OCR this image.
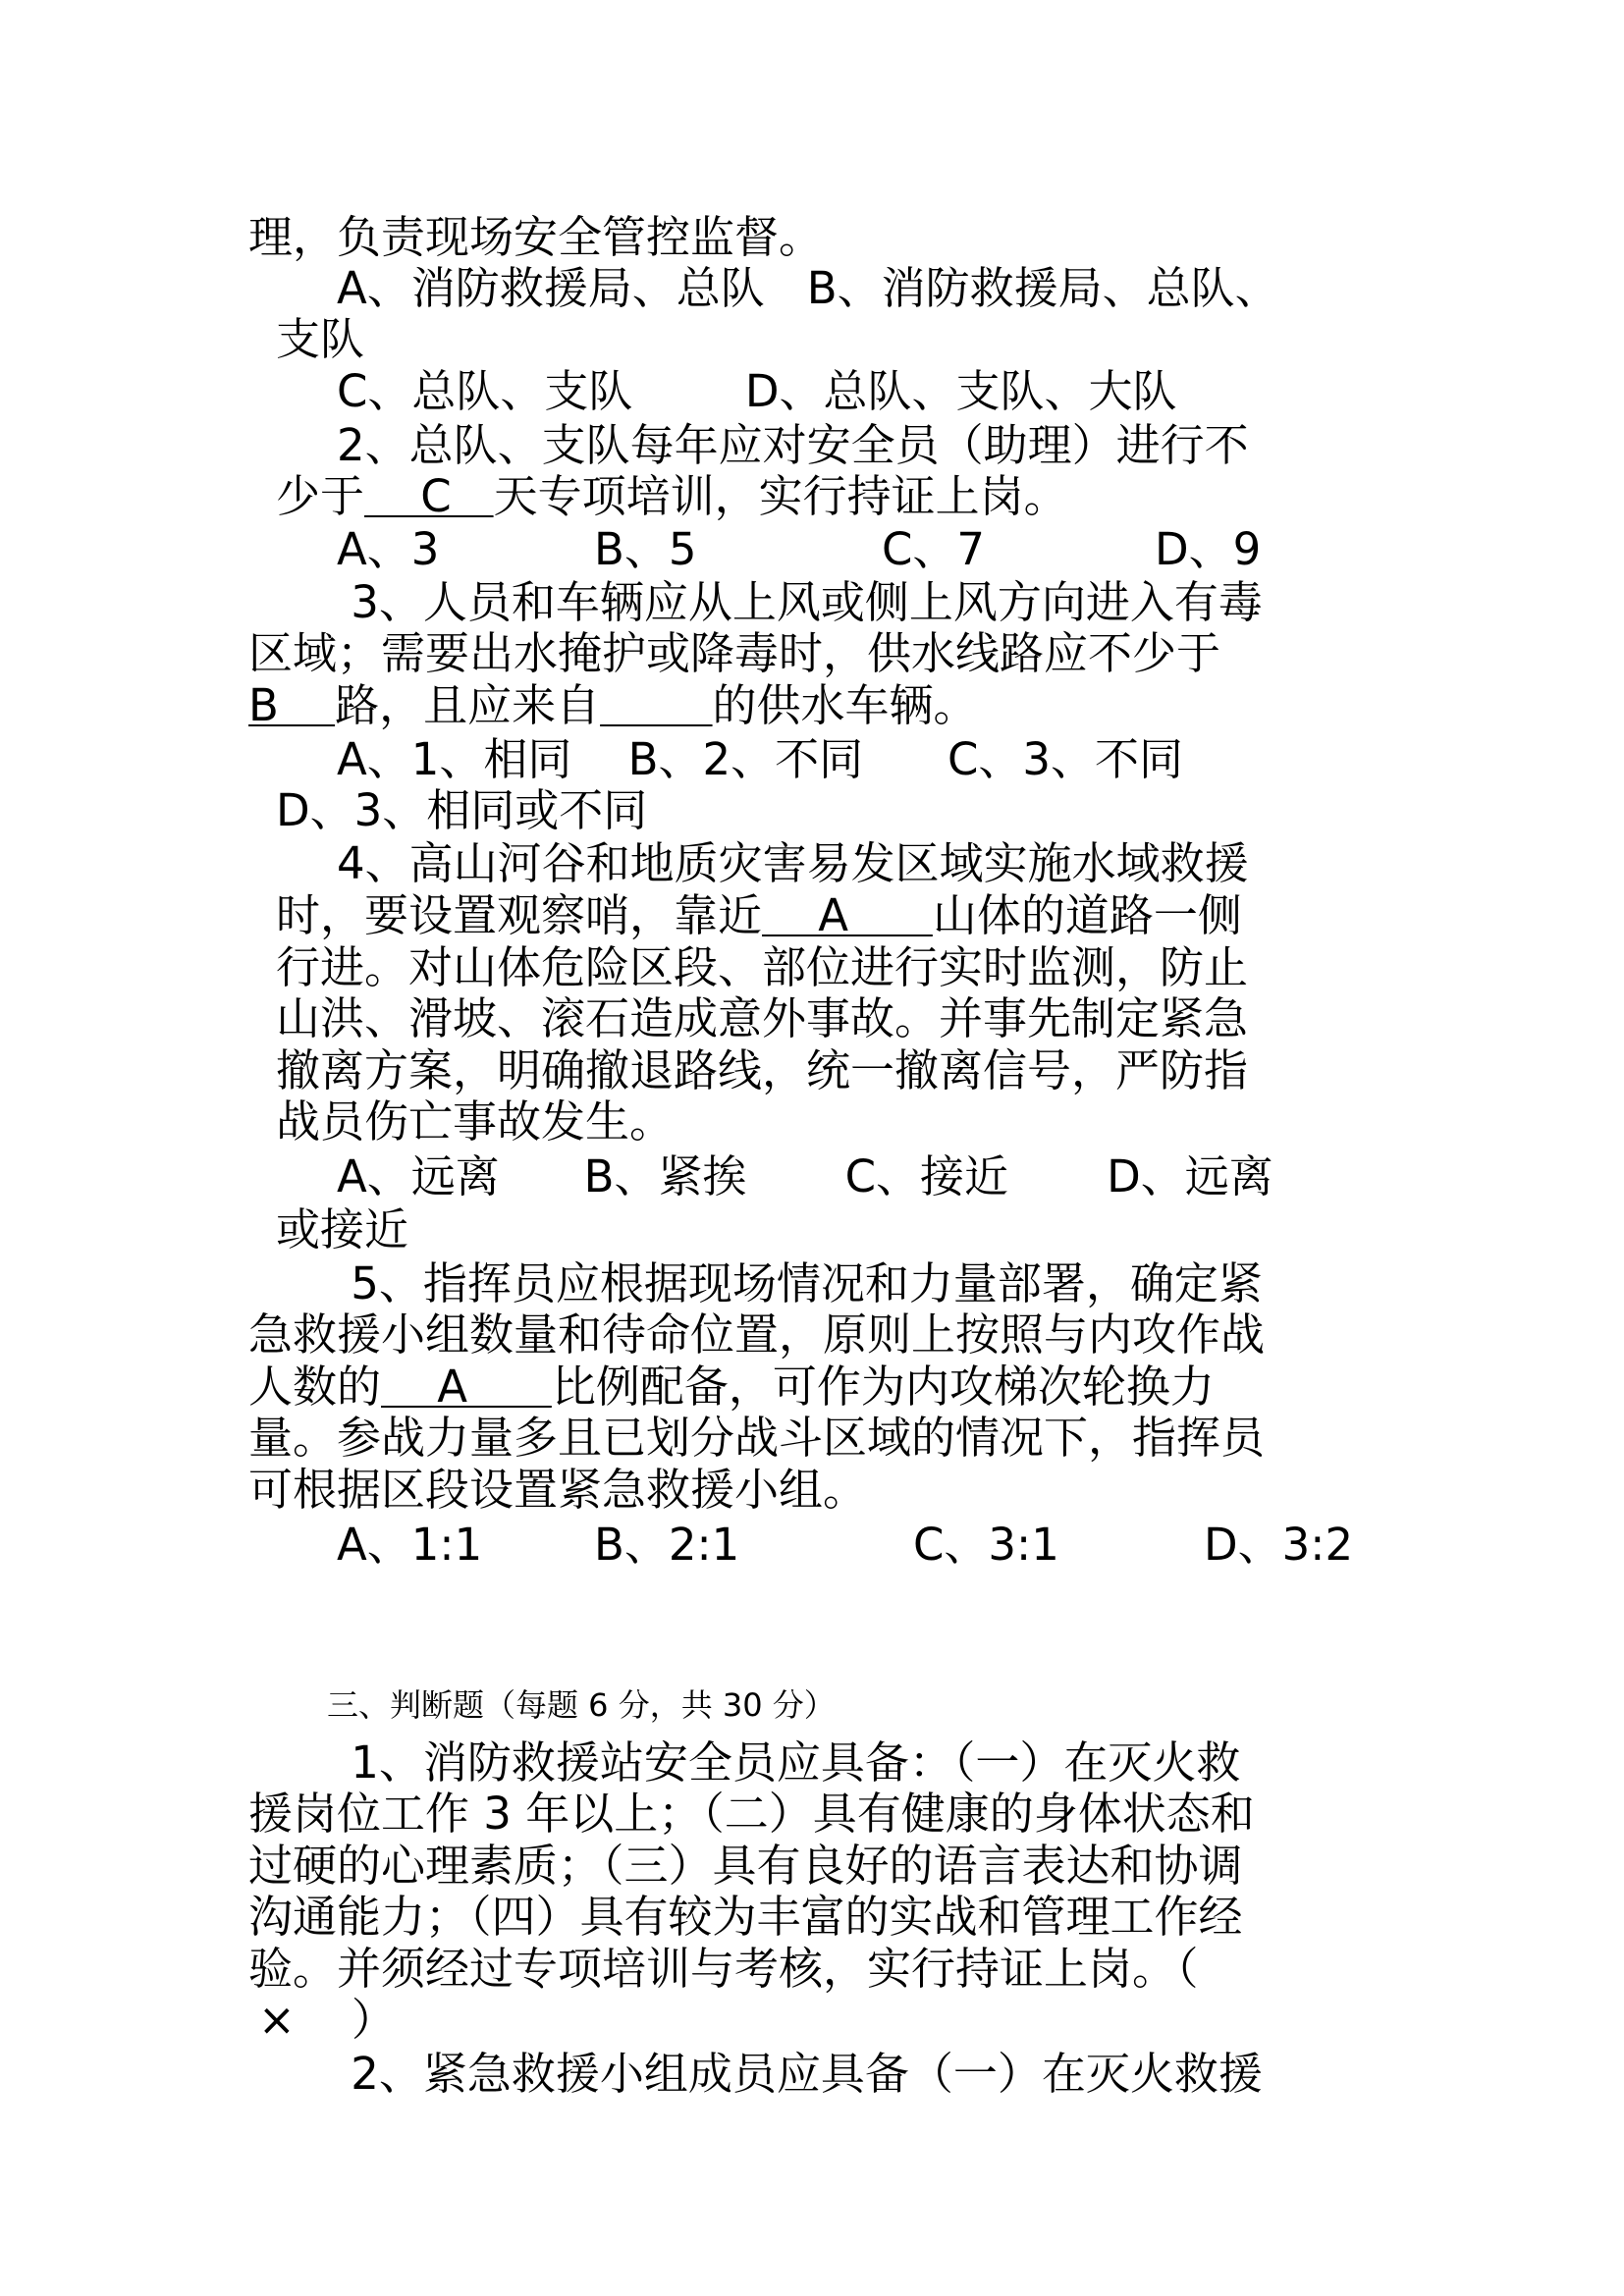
理，负责现场安全管控监督。
A、消防救援局、总队   B、消防救援局、总队、
支队
C、总队、支队        D、总队、支队、大队
2、总队、支队每年应对安全员（助理）进行不
少于    C   天专项培训，实行持证上岗。
A、3	B、5	C、7	D、9
3、人员和车辆应从上风或侧上风方向进入有毒
区域；需要出水掩护或降毒时，供水线路应不少于
B    路，且应来自	的供水车辆。
A、1、相同    B、2、不同      C、3、不同
D、3、相同或不同
4、高山河谷和地质灾害易发区域实施水域救援
时，要设置观察哨，靠近    A      山体的道路一侧
行进。对山体危险区段、部位进行实时监测，防止
山洪、滑坡、滚石造成意外事故。并事先制定紧急
撤离方案，明确撤退路线，统一撤离信号，严防指
战员伤亡事故发生。
A、远离      B、紧挨       C、接近       D、远离
或接近
5、指挥员应根据现场情况和力量部署，确定紧
急救援小组数量和待命位置，原则上按照与内攻作战
人数的    A      比例配备，可作为内攻梯次轮换力
量。参战力量多且已划分战斗区域的情况下，指挥员
可根据区段设置紧急救援小组。
A、1:1	B、2:1	C、3:1	D、3:2
三、判断题（每题 6 分，共 30 分）
1、消防救援站安全员应具备：（一）在灭火救
援岗位工作 3 年以上；（二）具有健康的身体状态和
过硬的心理素质；（三）具有良好的语言表达和协调
沟通能力；（四）具有较为丰富的实战和管理工作经
验。并须经过专项培训与考核，实行持证上岗。（
×    ）
2、紧急救援小组成员应具备（一）在灭火救援
